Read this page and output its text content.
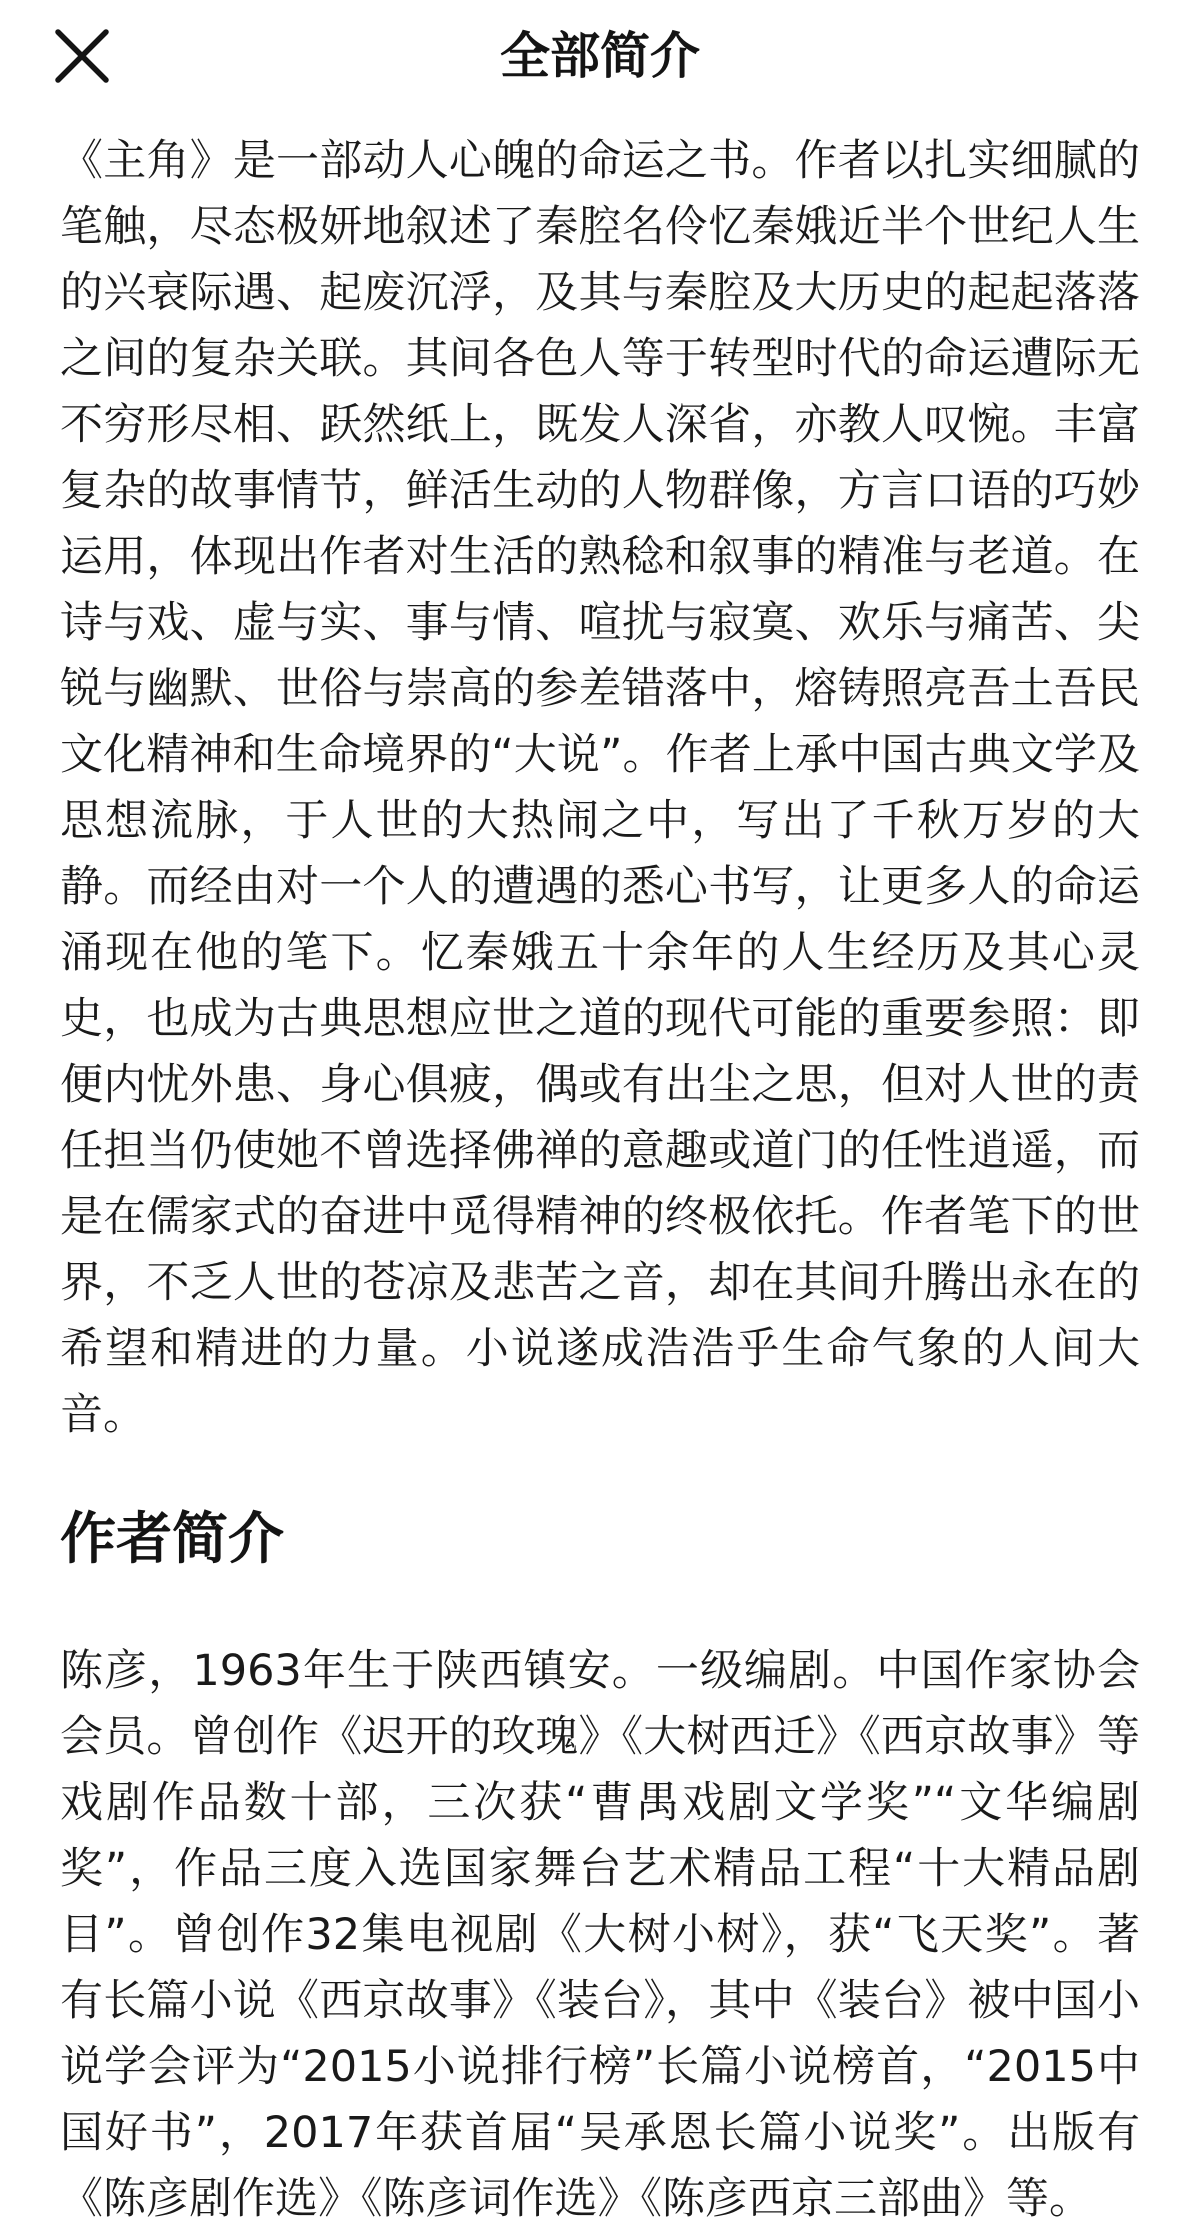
全部简介

《主角》是一部动人心魄的命运之书。作者以扎实细腻的笔触，尽态极妍地叙述了秦腔名伶忆秦娥近半个世纪人生的兴衰际遇、起废沉浮，及其与秦腔及大历史的起起落落之间的复杂关联。其间各色人等于转型时代的命运遭际无不穷形尽相、跃然纸上，既发人深省，亦教人叹惋。丰富复杂的故事情节，鲜活生动的人物群像，方言口语的巧妙运用，体现出作者对生活的熟稔和叙事的精准与老道。在诗与戏、虚与实、事与情、喧扰与寂寞、欢乐与痛苦、尖锐与幽默、世俗与崇高的参差错落中，熔铸照亮吾土吾民文化精神和生命境界的“大说”。作者上承中国古典文学及思想流脉，于人世的大热闹之中，写出了千秋万岁的大静。而经由对一个人的遭遇的悉心书写，让更多人的命运涌现在他的笔下。忆秦娥五十余年的人生经历及其心灵史，也成为古典思想应世之道的现代可能的重要参照：即便内忧外患、身心俱疲，偶或有出尘之思，但对人世的责任担当仍使她不曾选择佛禅的意趣或道门的任性逍遥，而是在儒家式的奋进中觅得精神的终极依托。作者笔下的世界，不乏人世的苍凉及悲苦之音，却在其间升腾出永在的希望和精进的力量。小说遂成浩浩乎生命气象的人间大音。

作者简介

陈彦，1963年生于陕西镇安。一级编剧。中国作家协会会员。曾创作《迟开的玫瑰》《大树西迁》《西京故事》等戏剧作品数十部，三次获“曹禺戏剧文学奖”“文华编剧奖”，作品三度入选国家舞台艺术精品工程“十大精品剧目”。曾创作32集电视剧《大树小树》，获“飞天奖”。著有长篇小说《西京故事》《装台》，其中《装台》被中国小说学会评为“2015小说排行榜”长篇小说榜首，“2015中国好书”，2017年获首届“吴承恩长篇小说奖”。出版有《陈彦剧作选》《陈彦词作选》《陈彦西京三部曲》等。
